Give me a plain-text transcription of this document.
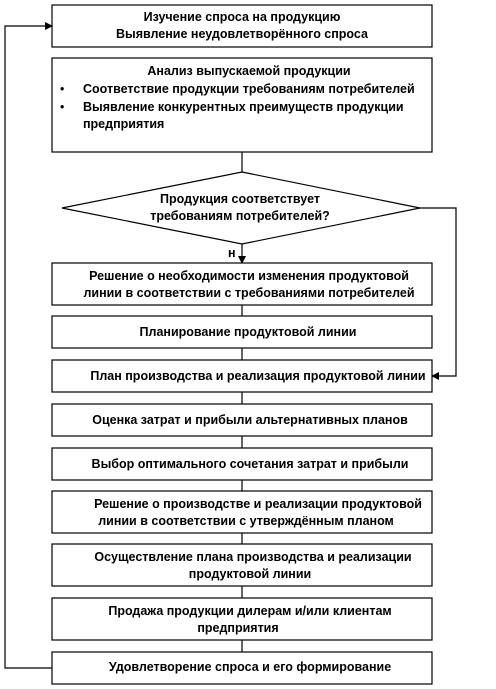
Изучение спроса на продукцию
Выявление неудовлетворённого спроса
Анализ выпускаемой продукции
• Соответствие продукции требованиям потребителей
• Выявление конкурентных преимуществ продукции
предприятия
Продукция соответствует
требованиям потребителей?
н
Решение о необходимости изменения продуктовой
линии в соответствии с требованиями потребителей
Планирование продуктовой линии
План производства и реализация продуктовой линии
Оценка затрат и прибыли альтернативных планов
Выбор оптимального сочетания затрат и прибыли
Решение о производстве и реализации продуктовой
линии в соответствии с утверждённым планом
Осуществление плана производства и реализации
продуктовой линии
Продажа продукции дилерам и/или клиентам
предприятия
Удовлетворение спроса и его формирование
